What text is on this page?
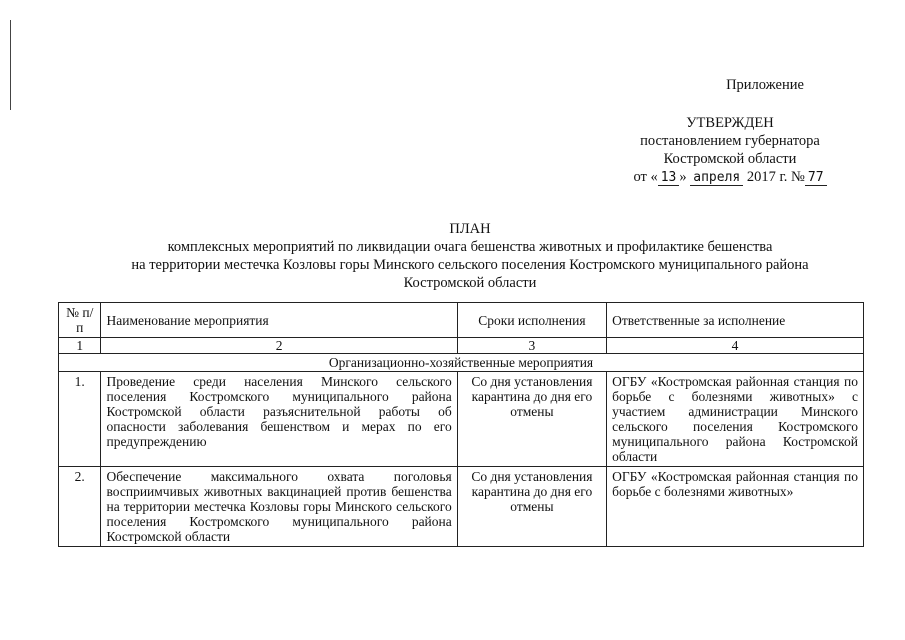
Приложение
УТВЕРЖДЕН
постановлением губернатора
Костромской области
от « 13 » апреля 2017 г. № 77
ПЛАН
комплексных мероприятий по ликвидации очага бешенства животных и профилактике бешенства
на территории местечка Козловы горы Минского сельского поселения Костромского муниципального района
Костромской области
№ п/п	Наименование мероприятия	Сроки исполнения	Ответственные за исполнение
1	2	3	4
Организационно-хозяйственные мероприятия			
1.	Проведение среди населения Минского сельского поселения Костромского муниципального района Костромской области разъяснительной работы об опасности заболевания бешенством и мерах по его предупреждению	Со дня установления карантина до дня его отмены	ОГБУ «Костромская районная станция по борьбе с болезнями животных» с участием администрации Минского сельского поселения Костромского муниципального района Костромской области
2.	Обеспечение максимального охвата поголовья восприимчивых животных вакцинацией против бешенства на территории местечка Козловы горы Минского сельского поселения Костромского муниципального района Костромской области	Со дня установления карантина до дня его отмены	ОГБУ «Костромская районная станция по борьбе с болезнями животных»
